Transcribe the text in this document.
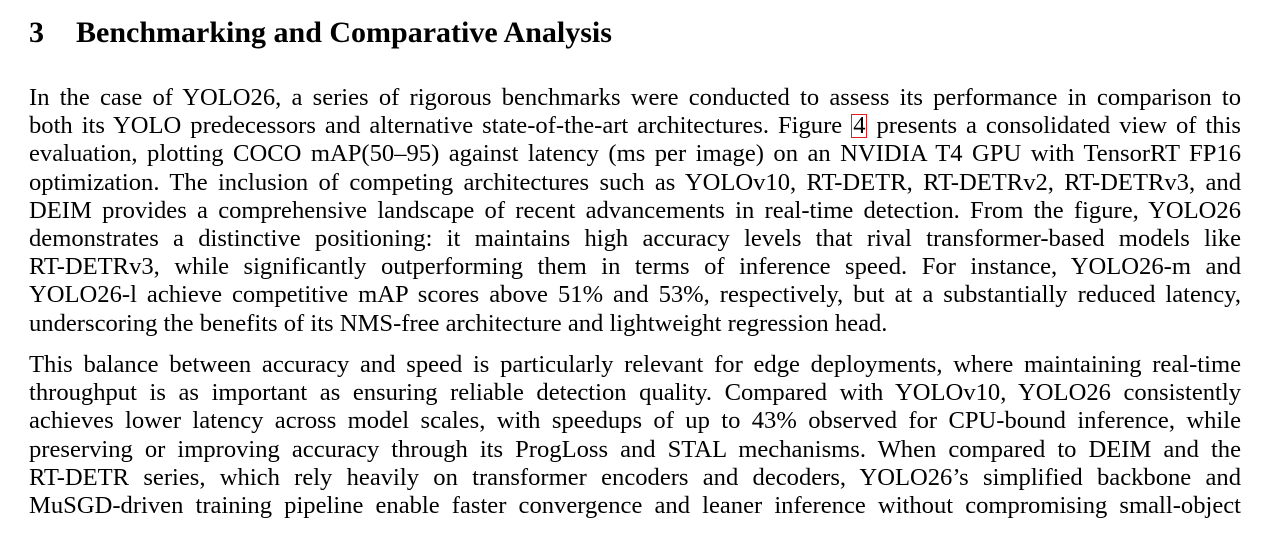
3 Benchmarking and Comparative Analysis
In the case of YOLO26, a series of rigorous benchmarks were conducted to assess its performance in comparison to
both its YOLO predecessors and alternative state-of-the-art architectures. Figure 4 presents a consolidated view of this
evaluation, plotting COCO mAP(50–95) against latency (ms per image) on an NVIDIA T4 GPU with TensorRT FP16
optimization. The inclusion of competing architectures such as YOLOv10, RT-DETR, RT-DETRv2, RT-DETRv3, and
DEIM provides a comprehensive landscape of recent advancements in real-time detection. From the figure, YOLO26
demonstrates a distinctive positioning: it maintains high accuracy levels that rival transformer-based models like
RT-DETRv3, while significantly outperforming them in terms of inference speed. For instance, YOLO26-m and
YOLO26-l achieve competitive mAP scores above 51% and 53%, respectively, but at a substantially reduced latency,
underscoring the benefits of its NMS-free architecture and lightweight regression head.
This balance between accuracy and speed is particularly relevant for edge deployments, where maintaining real-time
throughput is as important as ensuring reliable detection quality. Compared with YOLOv10, YOLO26 consistently
achieves lower latency across model scales, with speedups of up to 43% observed for CPU-bound inference, while
preserving or improving accuracy through its ProgLoss and STAL mechanisms. When compared to DEIM and the
RT-DETR series, which rely heavily on transformer encoders and decoders, YOLO26’s simplified backbone and
MuSGD-driven training pipeline enable faster convergence and leaner inference without compromising small-object
